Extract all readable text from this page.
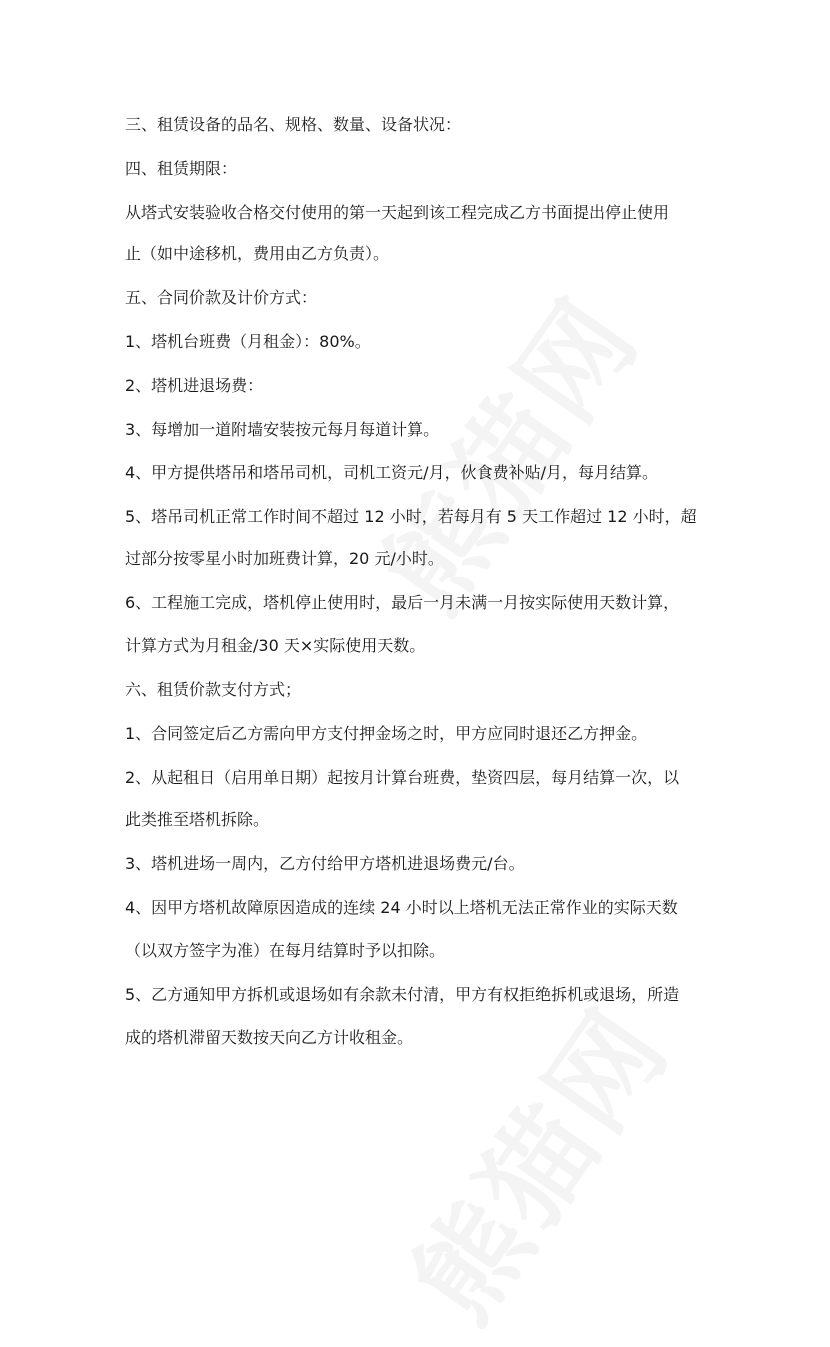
三、租赁设备的品名、规格、数量、设备状况：
四、租赁期限：
从塔式安装验收合格交付使用的第一天起到该工程完成乙方书面提出停止使用
止（如中途移机，费用由乙方负责）。
五、合同价款及计价方式：
1、塔机台班费（月租金）：80%。
2、塔机进退场费：
3、每增加一道附墙安装按元每月每道计算。
4、甲方提供塔吊和塔吊司机，司机工资元/月，伙食费补贴/月，每月结算。
5、塔吊司机正常工作时间不超过 12 小时，若每月有 5 天工作超过 12 小时，超
过部分按零星小时加班费计算，20 元/小时。
6、工程施工完成，塔机停止使用时，最后一月未满一月按实际使用天数计算，
计算方式为月租金/30 天×实际使用天数。
六、租赁价款支付方式；
1、合同签定后乙方需向甲方支付押金场之时，甲方应同时退还乙方押金。
2、从起租日（启用单日期）起按月计算台班费，垫资四层，每月结算一次，以
此类推至塔机拆除。
3、塔机进场一周内，乙方付给甲方塔机进退场费元/台。
4、因甲方塔机故障原因造成的连续 24 小时以上塔机无法正常作业的实际天数
（以双方签字为准）在每月结算时予以扣除。
5、乙方通知甲方拆机或退场如有余款未付清，甲方有权拒绝拆机或退场，所造
成的塔机滞留天数按天向乙方计收租金。
